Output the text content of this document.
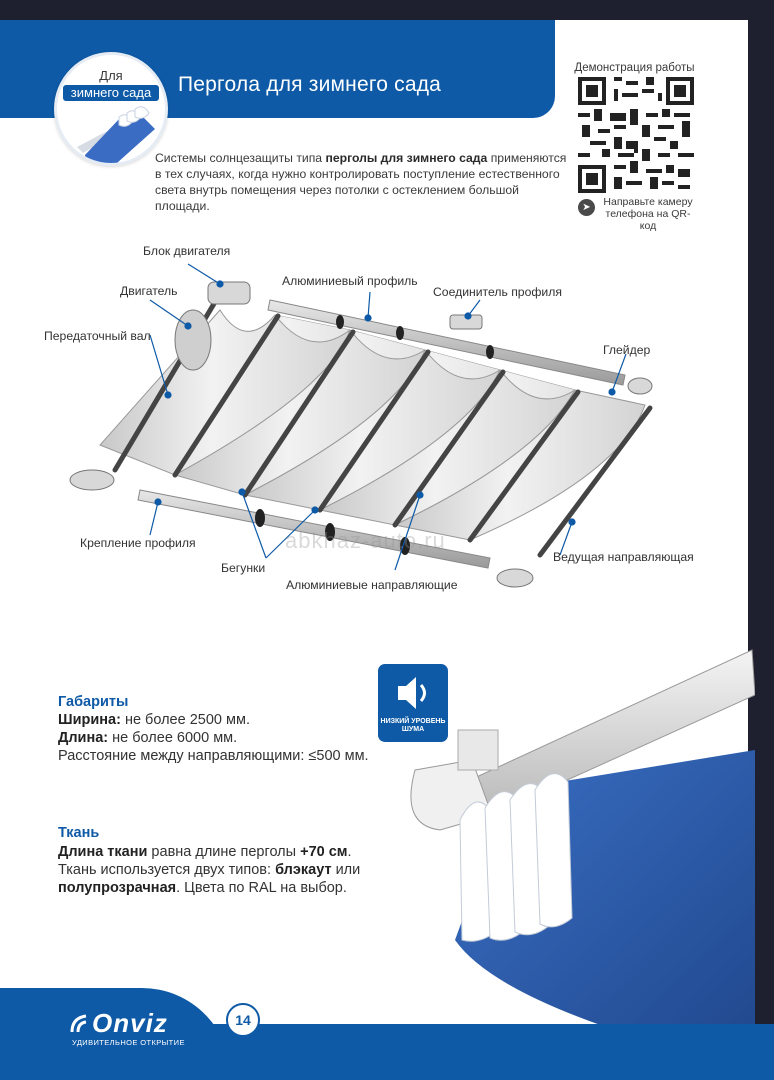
Пергола для зимнего сада
Для
зимнего сада
Системы солнцезащиты типа перголы для зимнего сада применяются в тех случаях, когда нужно контролировать поступление естественного света внутрь помещения через потолки с остеклением большой площади.
Демонстрация работы
➤	Направьте камеру
телефона на QR-код
Блок двигателя
Двигатель
Передаточный вал
Алюминиевый профиль
Соединитель профиля
Глейдер
Крепление профиля
Бегунки
Алюминиевые направляющие
Ведущая направляющая
abkhaz-auto.ru
Габариты
Ширина: не более 2500 мм.
Длина: не более 6000 мм.
Расстояние между направляющими: ≤500 мм.
Ткань
Длина ткани равна длине перголы +70 см.
Ткань используется двух типов: блэкаут или
полупрозрачная. Цвета по RAL на выбор.
НИЗКИЙ УРОВЕНЬ
ШУМА
Onviz
УДИВИТЕЛЬНОЕ ОТКРЫТИЕ
14
